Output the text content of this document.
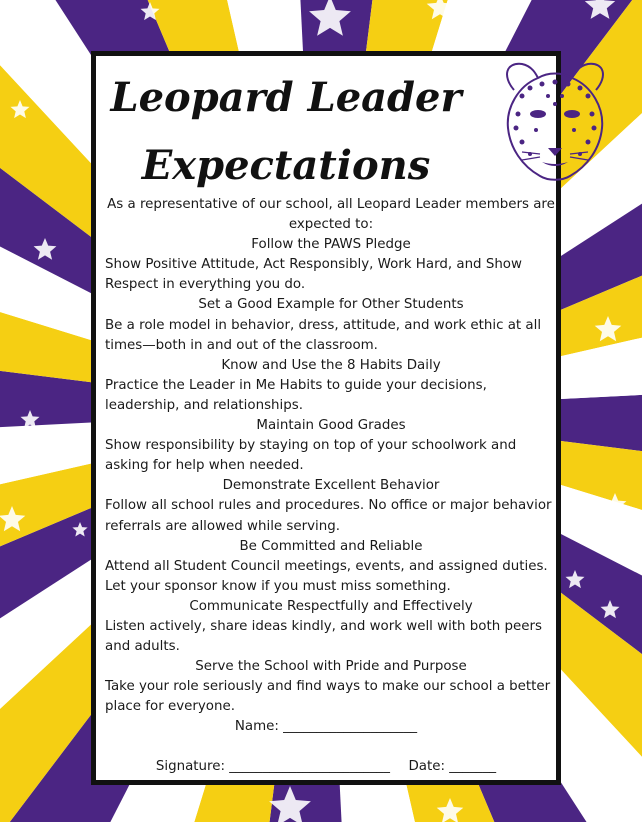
Leopard Leader
Expectations

As a representative of our school, all Leopard Leader members are expected to:

Follow the PAWS Pledge

Show Positive Attitude, Act Responsibly, Work Hard, and Show Respect in everything you do.

Set a Good Example for Other Students

Be a role model in behavior, dress, attitude, and work ethic at all times—both in and out of the classroom.

Know and Use the 8 Habits Daily

Practice the Leader in Me Habits to guide your decisions, leadership, and relationships.

Maintain Good Grades

Show responsibility by staying on top of your schoolwork and asking for help when needed.

Demonstrate Excellent Behavior

Follow all school rules and procedures. No office or major behavior referrals are allowed while serving.

Be Committed and Reliable

Attend all Student Council meetings, events, and assigned duties. Let your sponsor know if you must miss something.

Communicate Respectfully and Effectively

Listen actively, share ideas kindly, and work well with both peers and adults.

Serve the School with Pride and Purpose

Take your role seriously and find ways to make our school a better place for everyone.

Name: ____________________
Signature: ________________________ Date: _______
